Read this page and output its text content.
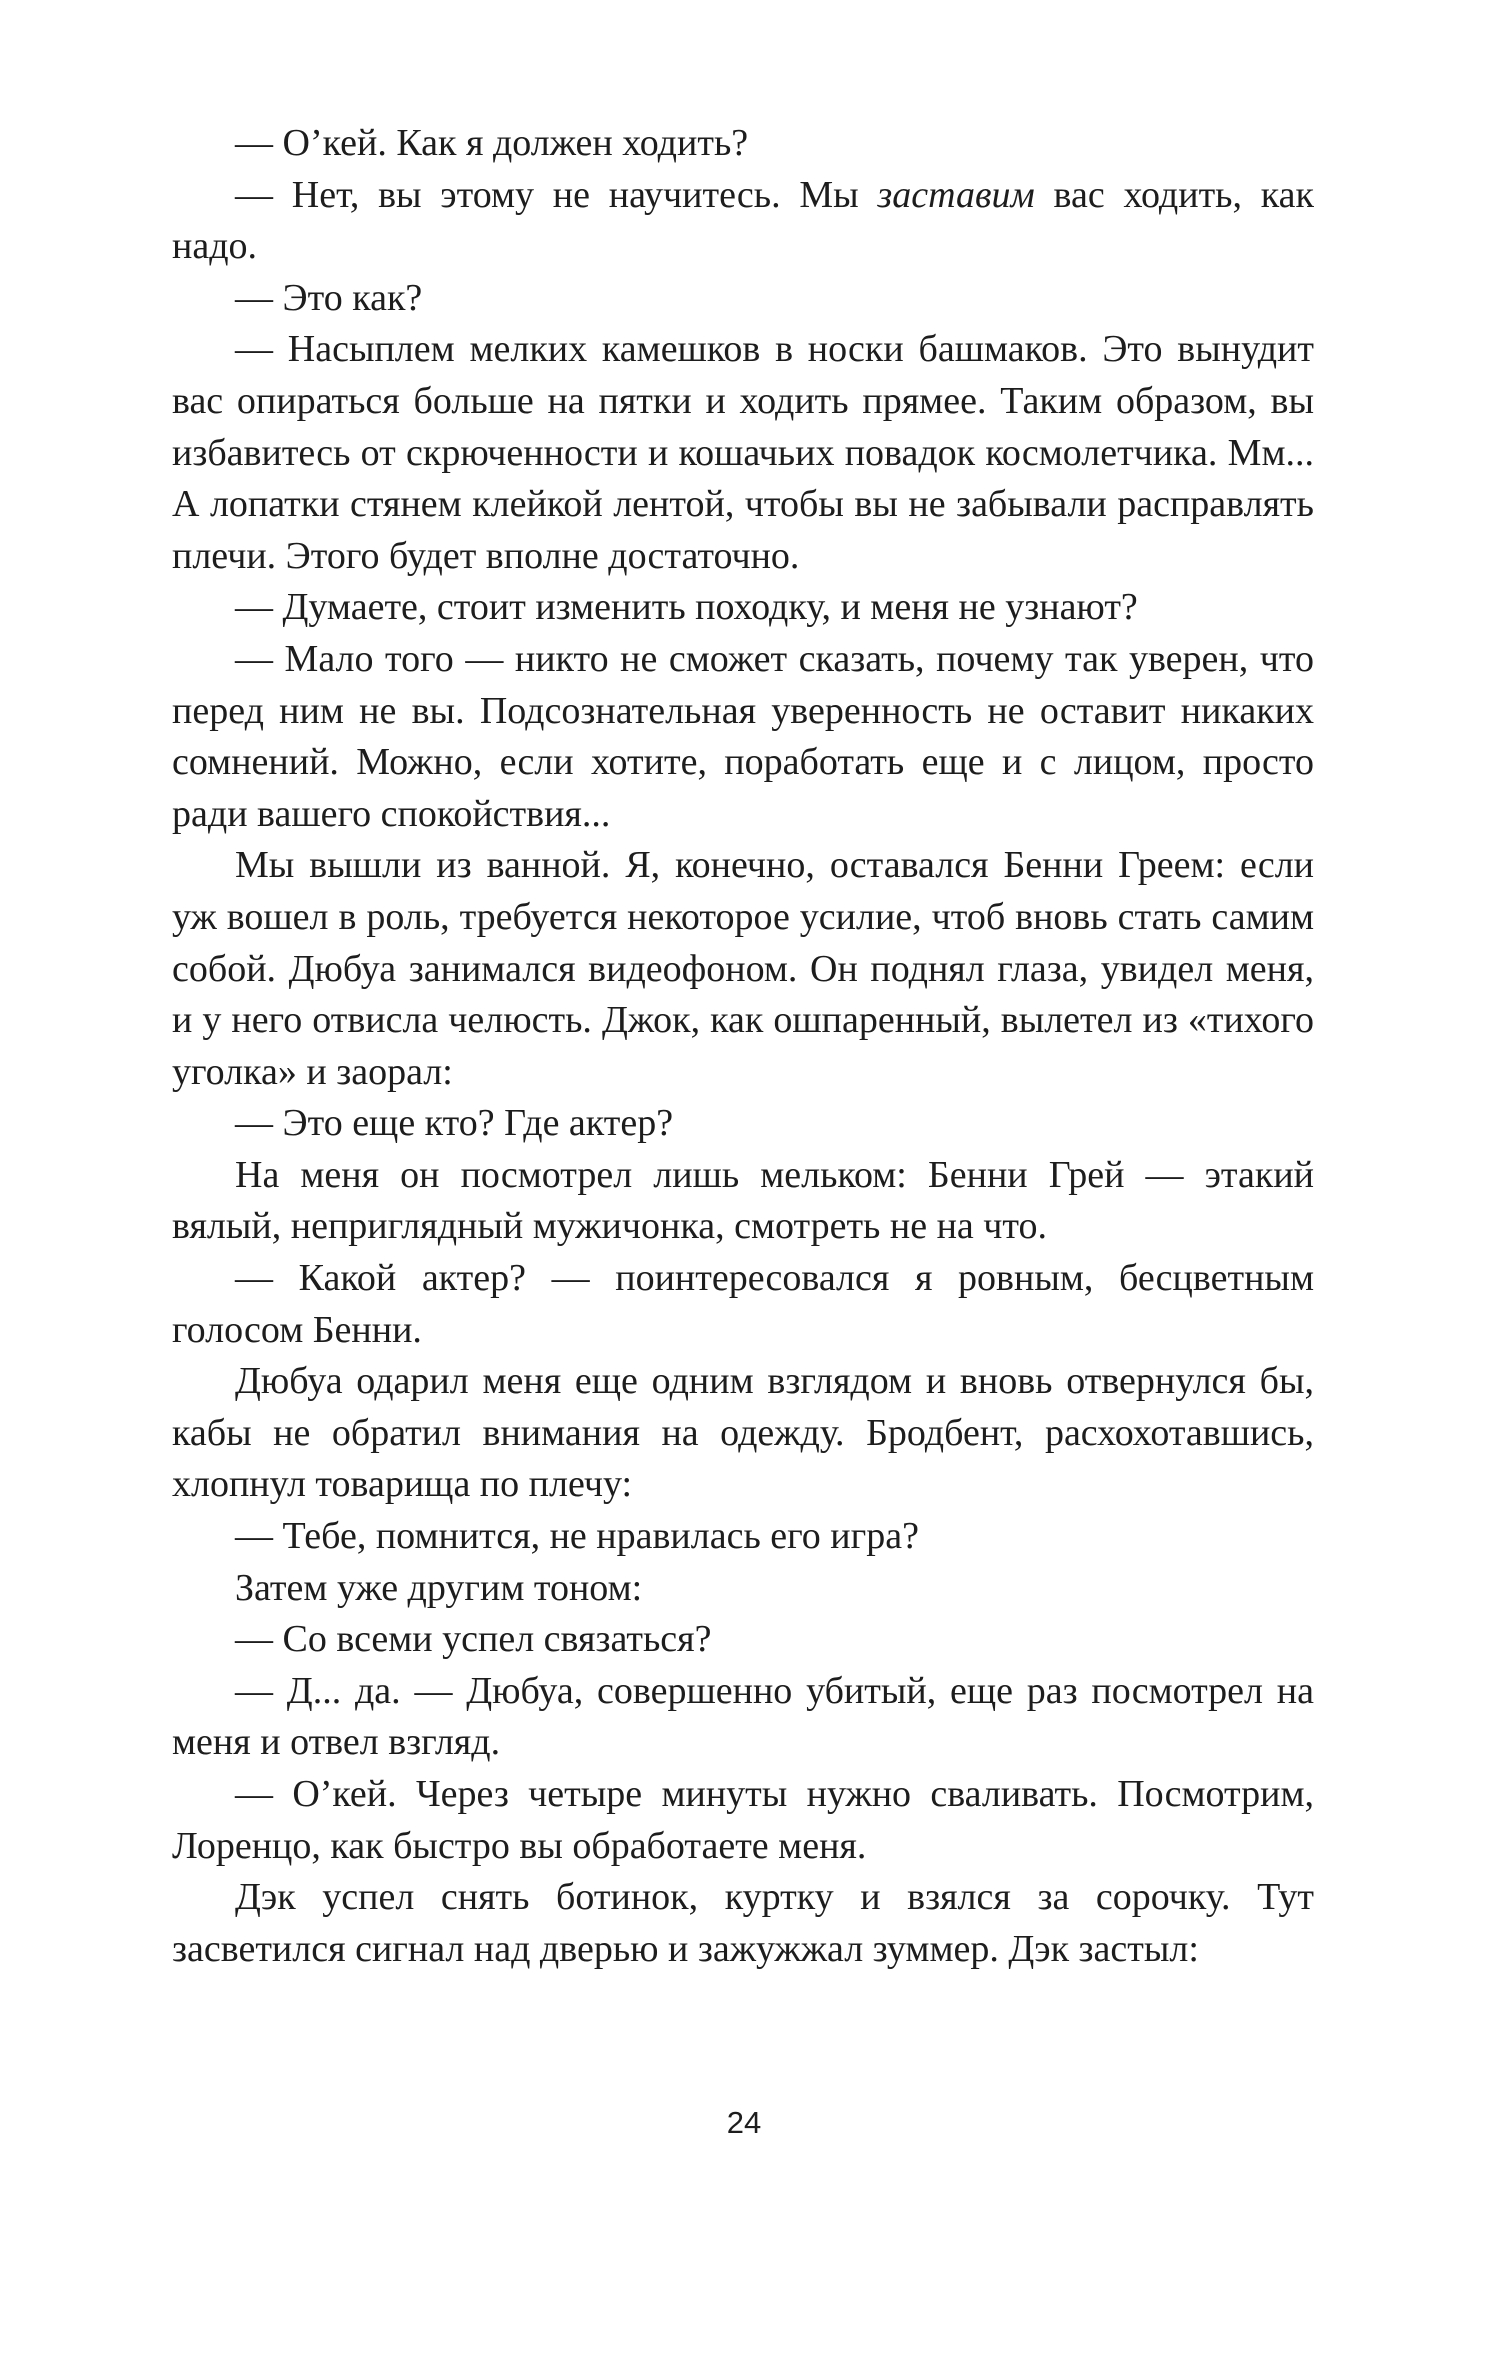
— О’кей. Как я должен ходить?

— Нет, вы этому не научитесь. Мы заставим вас ходить, как надо.

— Это как?

— Насыплем мелких камешков в носки башмаков. Это вынудит вас опираться больше на пятки и ходить прямее. Таким образом, вы избавитесь от скрюченности и кошачьих повадок космолетчика. Мм... А лопатки стянем клейкой лентой, чтобы вы не забывали расправлять плечи. Этого будет вполне достаточно.

— Думаете, стоит изменить походку, и меня не узнают?

— Мало того — никто не сможет сказать, почему так уверен, что перед ним не вы. Подсознательная уверенность не оставит никаких сомнений. Можно, если хотите, поработать еще и с лицом, просто ради вашего спокойствия...

Мы вышли из ванной. Я, конечно, оставался Бенни Греем: если уж вошел в роль, требуется некоторое усилие, чтоб вновь стать самим собой. Дюбуа занимался видеофоном. Он поднял глаза, увидел меня, и у него отвисла челюсть. Джок, как ошпаренный, вылетел из «тихого уголка» и заорал:

— Это еще кто? Где актер?

На меня он посмотрел лишь мельком: Бенни Грей — этакий вялый, неприглядный мужичонка, смотреть не на что.

— Какой актер? — поинтересовался я ровным, бесцветным голосом Бенни.

Дюбуа одарил меня еще одним взглядом и вновь отвернулся бы, кабы не обратил внимания на одежду. Бродбент, расхохотавшись, хлопнул товарища по плечу:

— Тебе, помнится, не нравилась его игра?

Затем уже другим тоном:

— Со всеми успел связаться?

— Д... да. — Дюбуа, совершенно убитый, еще раз посмотрел на меня и отвел взгляд.

— О’кей. Через четыре минуты нужно сваливать. Посмотрим, Лоренцо, как быстро вы обработаете меня.

Дэк успел снять ботинок, куртку и взялся за сорочку. Тут засветился сигнал над дверью и зажужжал зуммер. Дэк застыл:

24
